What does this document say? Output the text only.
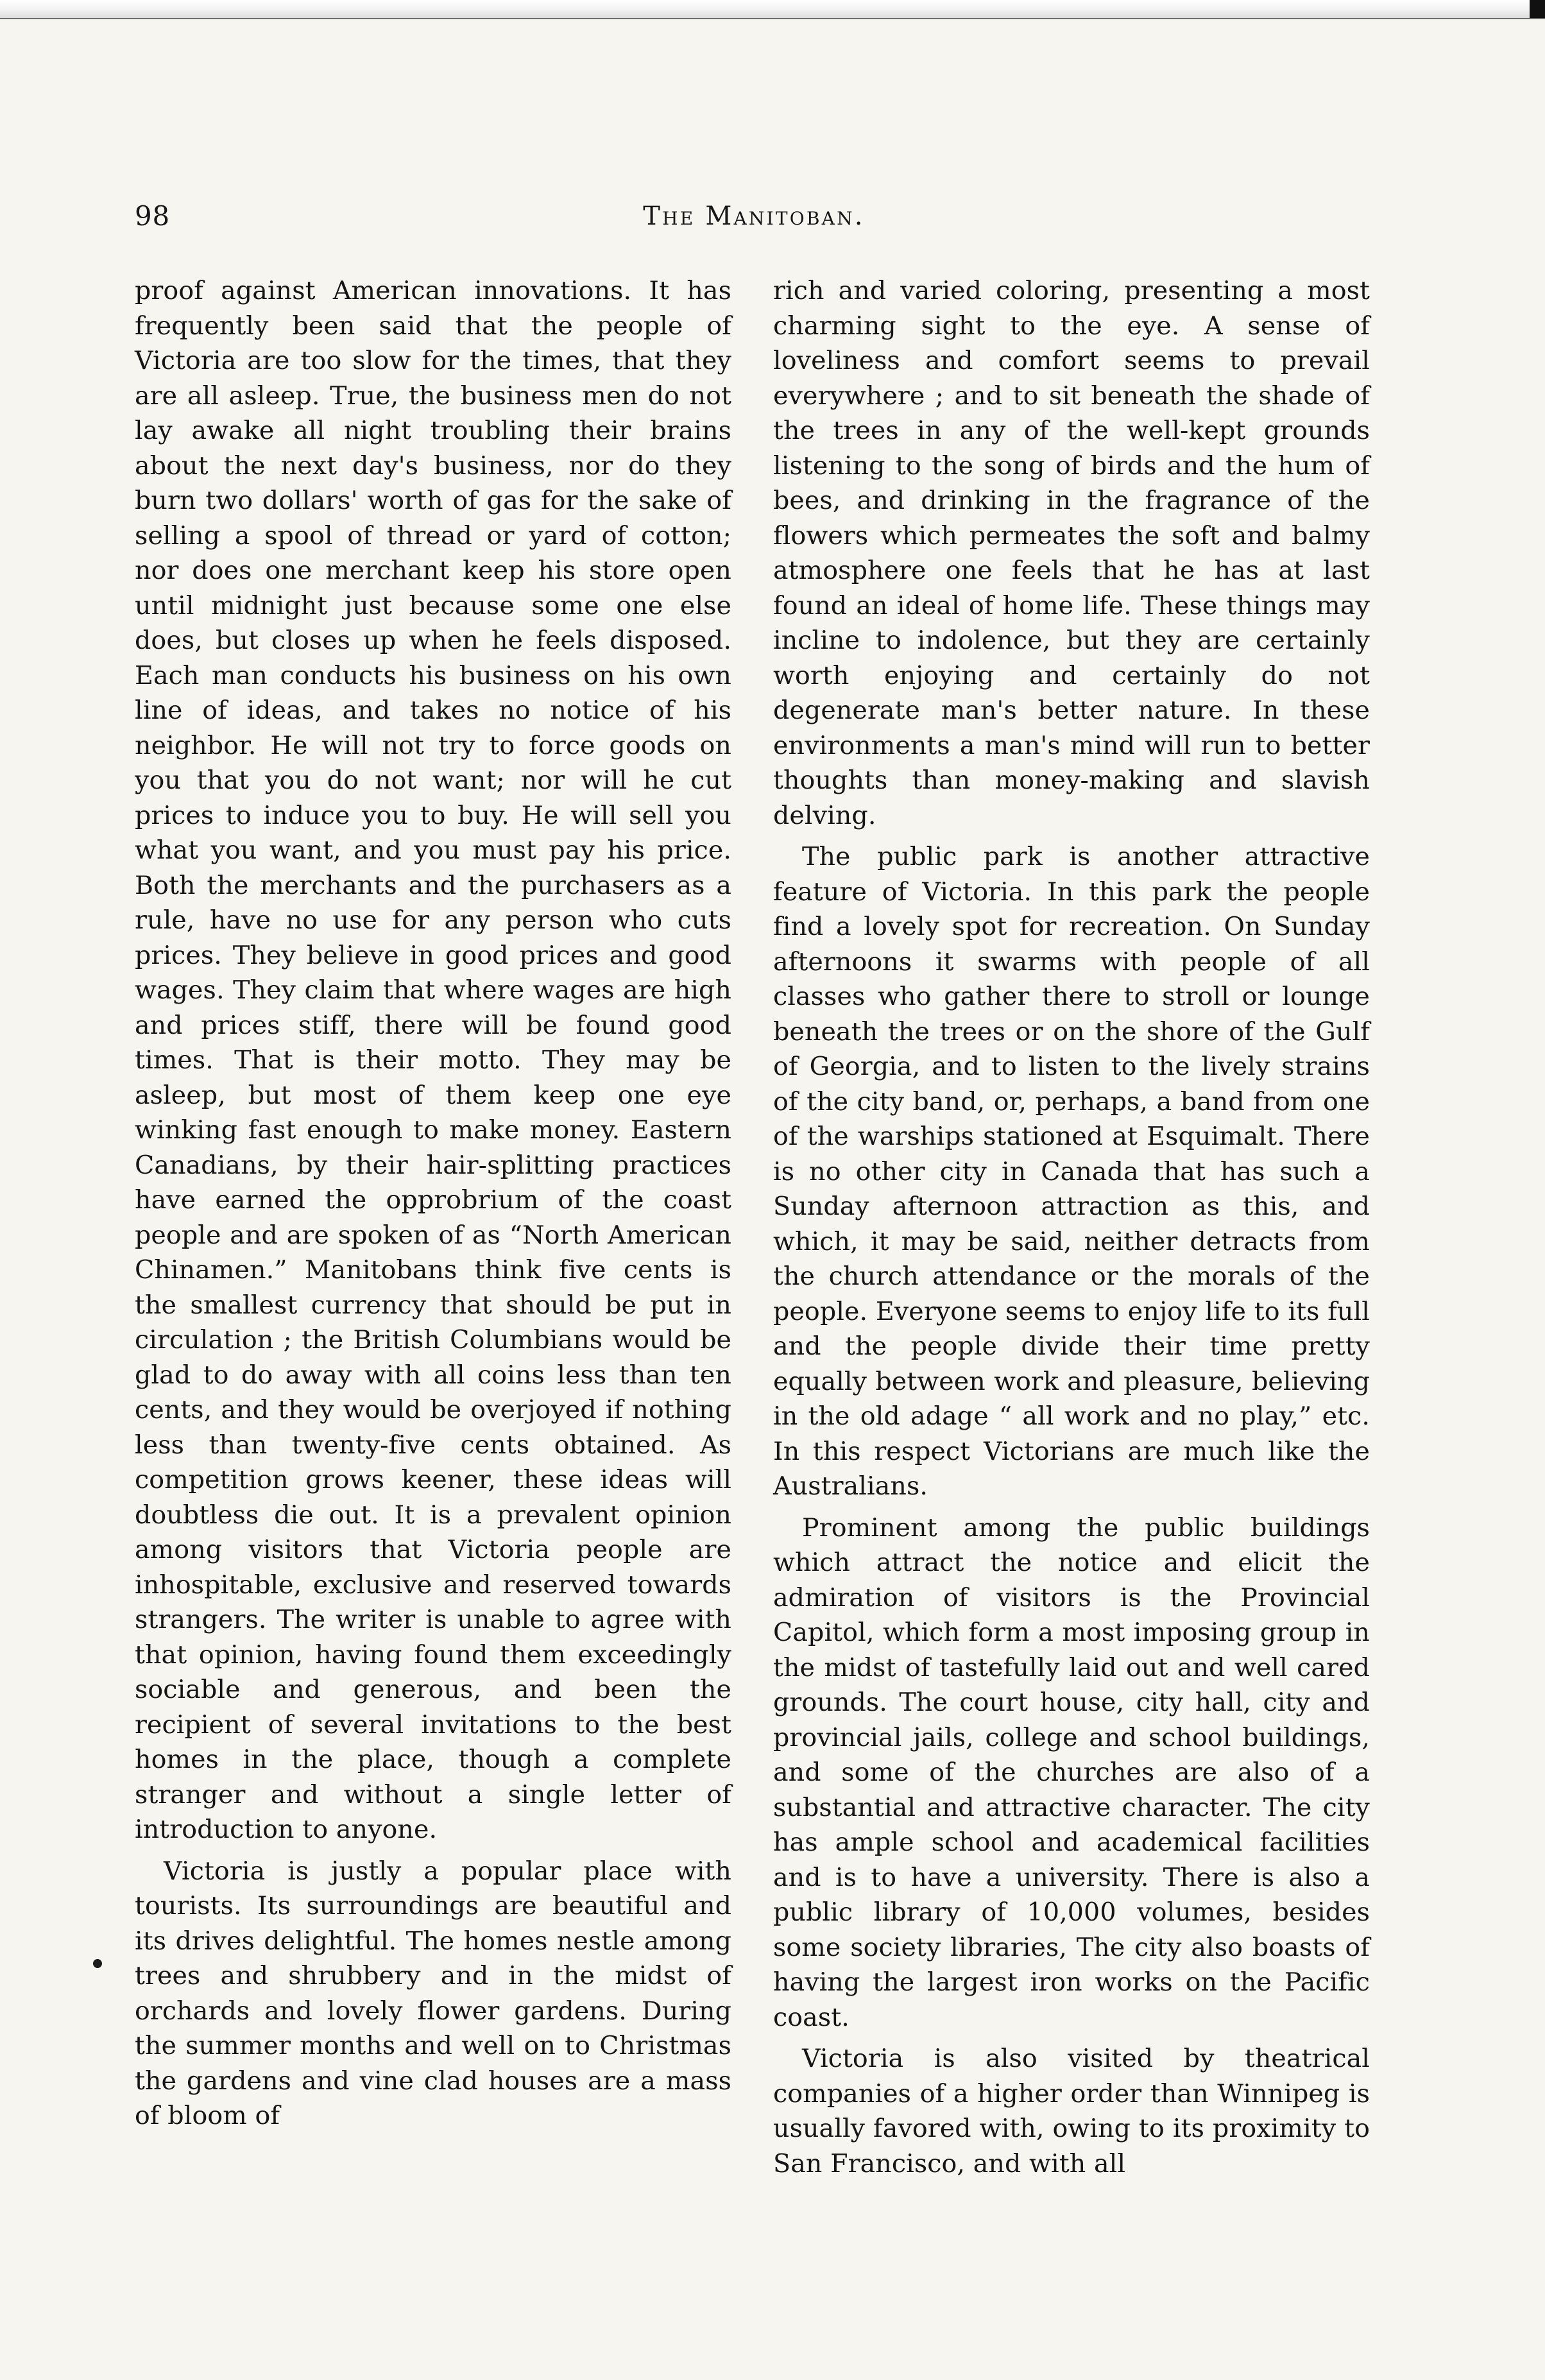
98	The Manitoban.

proof against American innovations. It has frequently been said that the people of Victoria are too slow for the times, that they are all asleep. True, the business men do not lay awake all night troubling their brains about the next day's business, nor do they burn two dollars' worth of gas for the sake of selling a spool of thread or yard of cotton; nor does one merchant keep his store open until midnight just because some one else does, but closes up when he feels disposed. Each man conducts his business on his own line of ideas, and takes no notice of his neighbor. He will not try to force goods on you that you do not want; nor will he cut prices to induce you to buy. He will sell you what you want, and you must pay his price. Both the merchants and the purchasers as a rule, have no use for any person who cuts prices. They believe in good prices and good wages. They claim that where wages are high and prices stiff, there will be found good times. That is their motto. They may be asleep, but most of them keep one eye winking fast enough to make money. Eastern Canadians, by their hair-splitting practices have earned the opprobrium of the coast people and are spoken of as “North American Chinamen.” Manitobans think five cents is the smallest currency that should be put in circulation ; the British Columbians would be glad to do away with all coins less than ten cents, and they would be overjoyed if nothing less than twenty-five cents obtained. As competition grows keener, these ideas will doubtless die out. It is a prevalent opinion among visitors that Victoria people are inhospitable, exclusive and reserved towards strangers. The writer is unable to agree with that opinion, having found them exceedingly sociable and generous, and been the recipient of several invitations to the best homes in the place, though a complete stranger and without a single letter of introduction to anyone.

Victoria is justly a popular place with tourists. Its surroundings are beautiful and its drives delightful. The homes nestle among trees and shrubbery and in the midst of orchards and lovely flower gardens. During the summer months and well on to Christmas the gardens and vine clad houses are a mass of bloom of

rich and varied coloring, presenting a most charming sight to the eye. A sense of loveliness and comfort seems to prevail everywhere ; and to sit beneath the shade of the trees in any of the well-kept grounds listening to the song of birds and the hum of bees, and drinking in the fragrance of the flowers which permeates the soft and balmy atmosphere one feels that he has at last found an ideal of home life. These things may incline to indolence, but they are certainly worth enjoying and certainly do not degenerate man's better nature. In these environments a man's mind will run to better thoughts than money-making and slavish delving.

The public park is another attractive feature of Victoria. In this park the people find a lovely spot for recreation. On Sunday afternoons it swarms with people of all classes who gather there to stroll or lounge beneath the trees or on the shore of the Gulf of Georgia, and to listen to the lively strains of the city band, or, perhaps, a band from one of the warships stationed at Esquimalt. There is no other city in Canada that has such a Sunday afternoon attraction as this, and which, it may be said, neither detracts from the church attendance or the morals of the people. Everyone seems to enjoy life to its full and the people divide their time pretty equally between work and pleasure, believing in the old adage “ all work and no play,” etc. In this respect Victorians are much like the Australians.

Prominent among the public buildings which attract the notice and elicit the admiration of visitors is the Provincial Capitol, which form a most imposing group in the midst of tastefully laid out and well cared grounds. The court house, city hall, city and provincial jails, college and school buildings, and some of the churches are also of a substantial and attractive character. The city has ample school and academical facilities and is to have a university. There is also a public library of 10,000 volumes, besides some society libraries, The city also boasts of having the largest iron works on the Pacific coast.

Victoria is also visited by theatrical companies of a higher order than Winnipeg is usually favored with, owing to its proximity to San Francisco, and with all
